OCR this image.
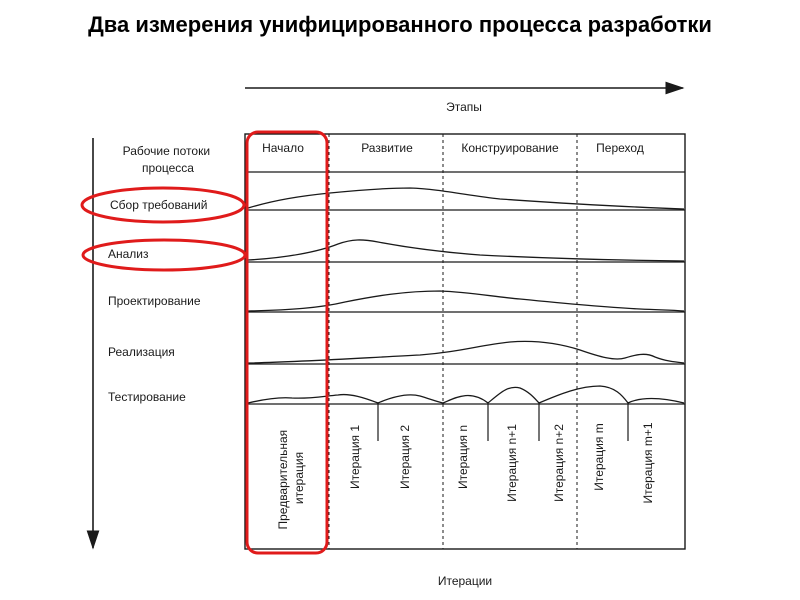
Два измерения унифицированного процесса разработки
Этапы
Рабочие потоки процесса
Начало	Развитие	Конструирование	Переход
Сбор требований
Анализ
Проектирование
Реализация
Тестирование
Предварительная итерация	Итерация 1	Итерация 2	Итерация n	Итерация n+1	Итерация n+2 Итерация m	Итерация m+1
Итерации
